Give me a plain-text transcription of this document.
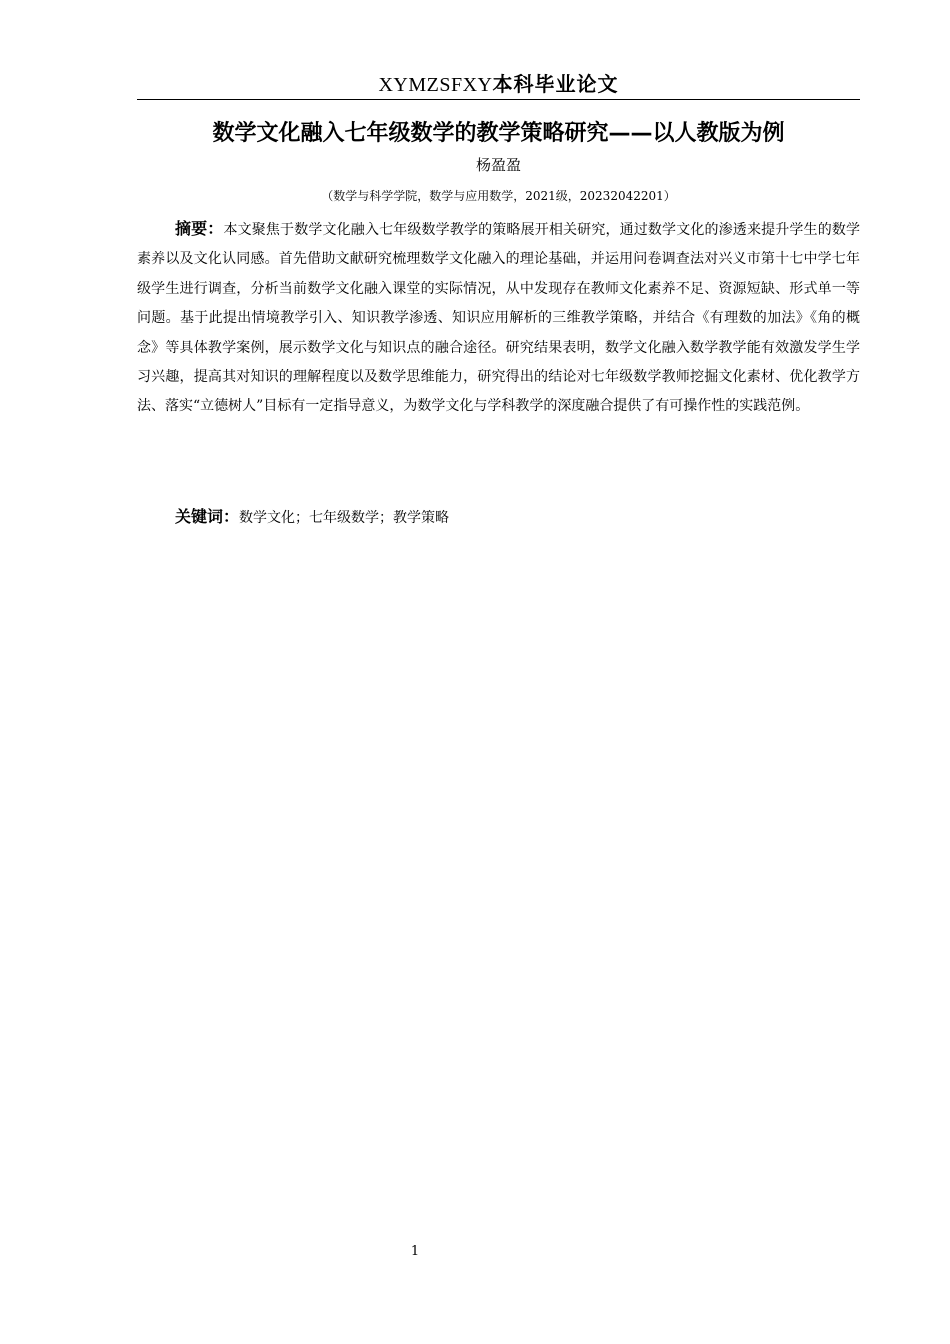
XYMZSFXY本科毕业论文
数学文化融入七年级数学的教学策略研究——以人教版为例
杨盈盈
（数学与科学学院，数学与应用数学，2021级，20232042201）

摘要：本文聚焦于数学文化融入七年级数学教学的策略展开相关研究，通过数学文化的渗透来提升学生的数学素养以及文化认同感。首先借助文献研究梳理数学文化融入的理论基础，并运用问卷调查法对兴义市第十七中学七年级学生进行调查，分析当前数学文化融入课堂的实际情况，从中发现存在教师文化素养不足、资源短缺、形式单一等问题。基于此提出情境教学引入、知识教学渗透、知识应用解析的三维教学策略，并结合《有理数的加法》《角的概念》等具体教学案例，展示数学文化与知识点的融合途径。研究结果表明，数学文化融入数学教学能有效激发学生学习兴趣，提高其对知识的理解程度以及数学思维能力，研究得出的结论对七年级数学教师挖掘文化素材、优化教学方法、落实“立德树人”目标有一定指导意义，为数学文化与学科教学的深度融合提供了有可操作性的实践范例。

关键词：数学文化；七年级数学；教学策略

1
